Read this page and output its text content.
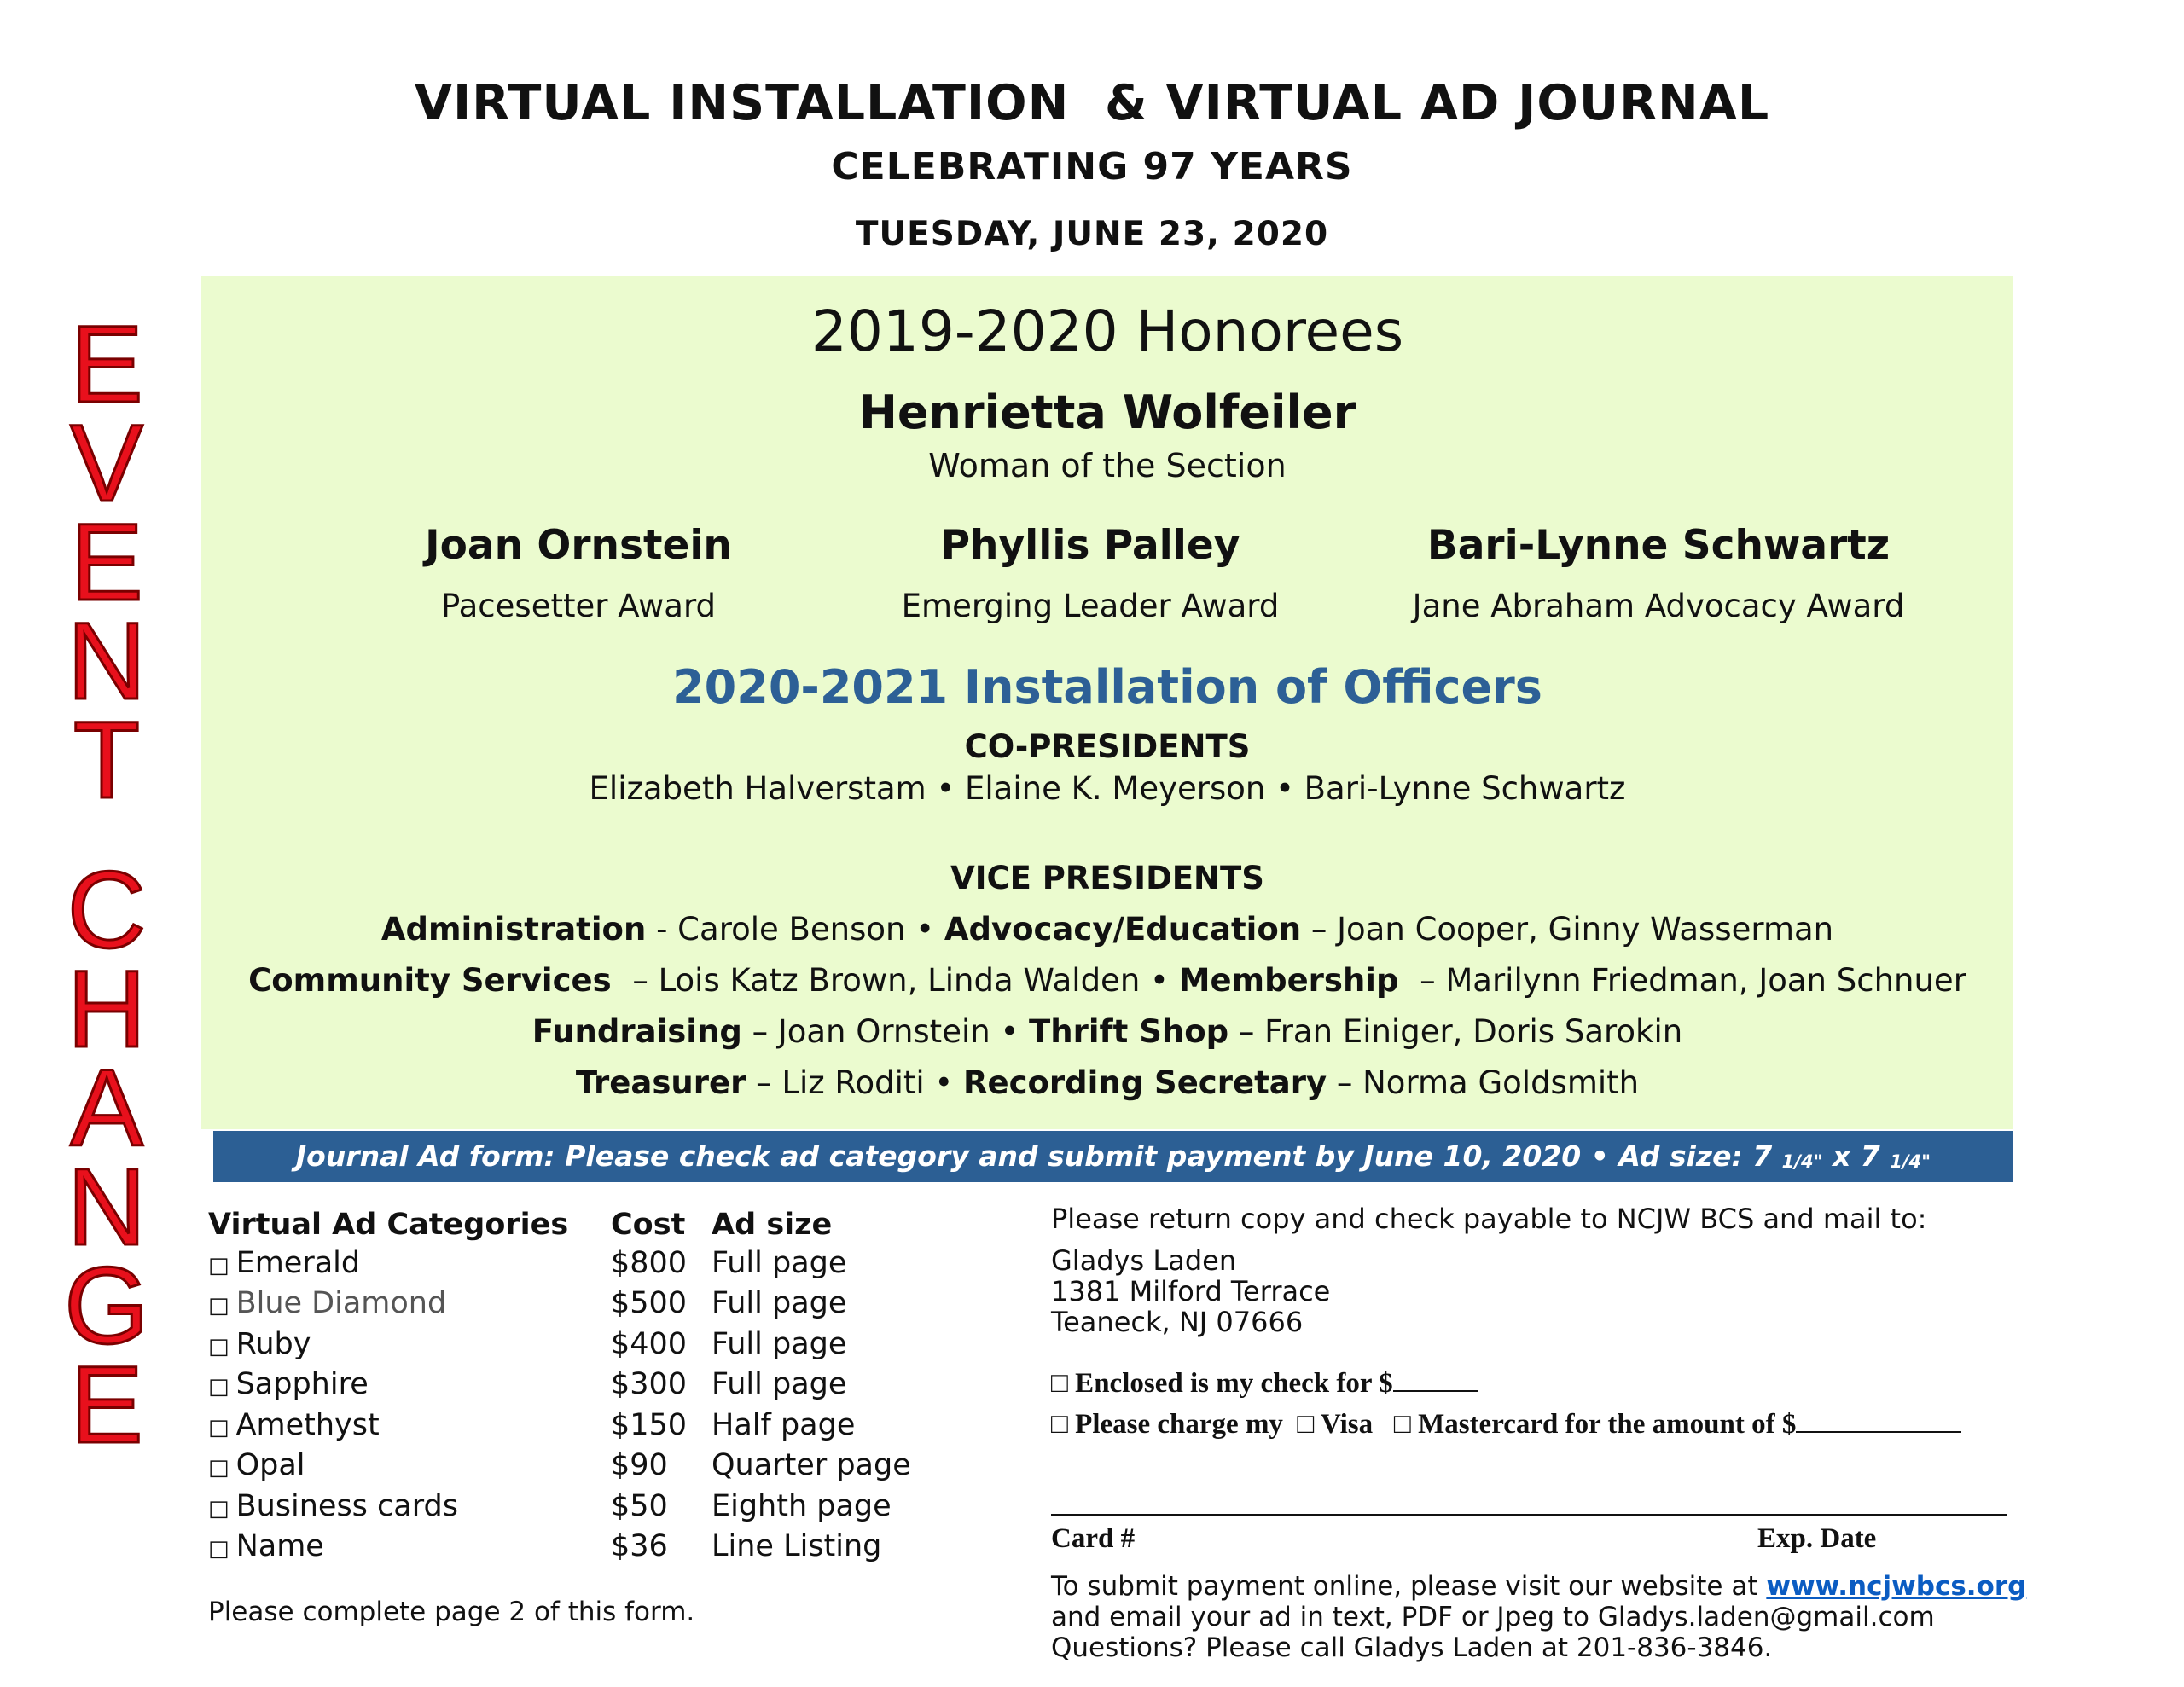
VIRTUAL INSTALLATION  & VIRTUAL AD JOURNAL
CELEBRATING 97 YEARS
TUESDAY, JUNE 23, 2020
E
V
E
N
T
C
H
A
N
G
E
2019-2020 Honorees
Henrietta Wolfeiler
Woman of the Section
Joan Ornstein
Pacesetter Award
Phyllis Palley
Emerging Leader Award
Bari-Lynne Schwartz
Jane Abraham Advocacy Award
2020-2021 Installation of Officers
CO-PRESIDENTS
Elizabeth Halverstam • Elaine K. Meyerson • Bari-Lynne Schwartz
VICE PRESIDENTS
Administration - Carole Benson • Advocacy/Education – Joan Cooper, Ginny Wasserman
Community Services  – Lois Katz Brown, Linda Walden • Membership  – Marilynn Friedman, Joan Schnuer
Fundraising – Joan Ornstein • Thrift Shop – Fran Einiger, Doris Sarokin
Treasurer – Liz Roditi • Recording Secretary – Norma Goldsmith
Journal Ad form: Please check ad category and submit payment by June 10, 2020 • Ad size: 7 $^{1/4"}$ x 7 $^{1/4"}$
Virtual Ad Categories	Cost Ad size
□ Emerald	$800 Full page
□ Blue Diamond	$500 Full page
□ Ruby	$400 Full page
□ Sapphire	$300 Full page
□ Amethyst	$150 Half page
□ Opal	$90	Quarter page
□ Business cards	$50	Eighth page
□ Name	$36	Line Listing
Please complete page 2 of this form.
Please return copy and check payable to NCJW BCS and mail to:
Gladys Laden
1381 Milford Terrace
Teaneck, NJ 07666
□ Enclosed is my check for $
□ Please charge my  □ Visa   □ Mastercard for the amount of $
Card #	Exp. Date
To submit payment online, please visit our website at www.ncjwbcs.org
and email your ad in text, PDF or Jpeg to Gladys.laden@gmail.com
Questions? Please call Gladys Laden at 201-836-3846.
